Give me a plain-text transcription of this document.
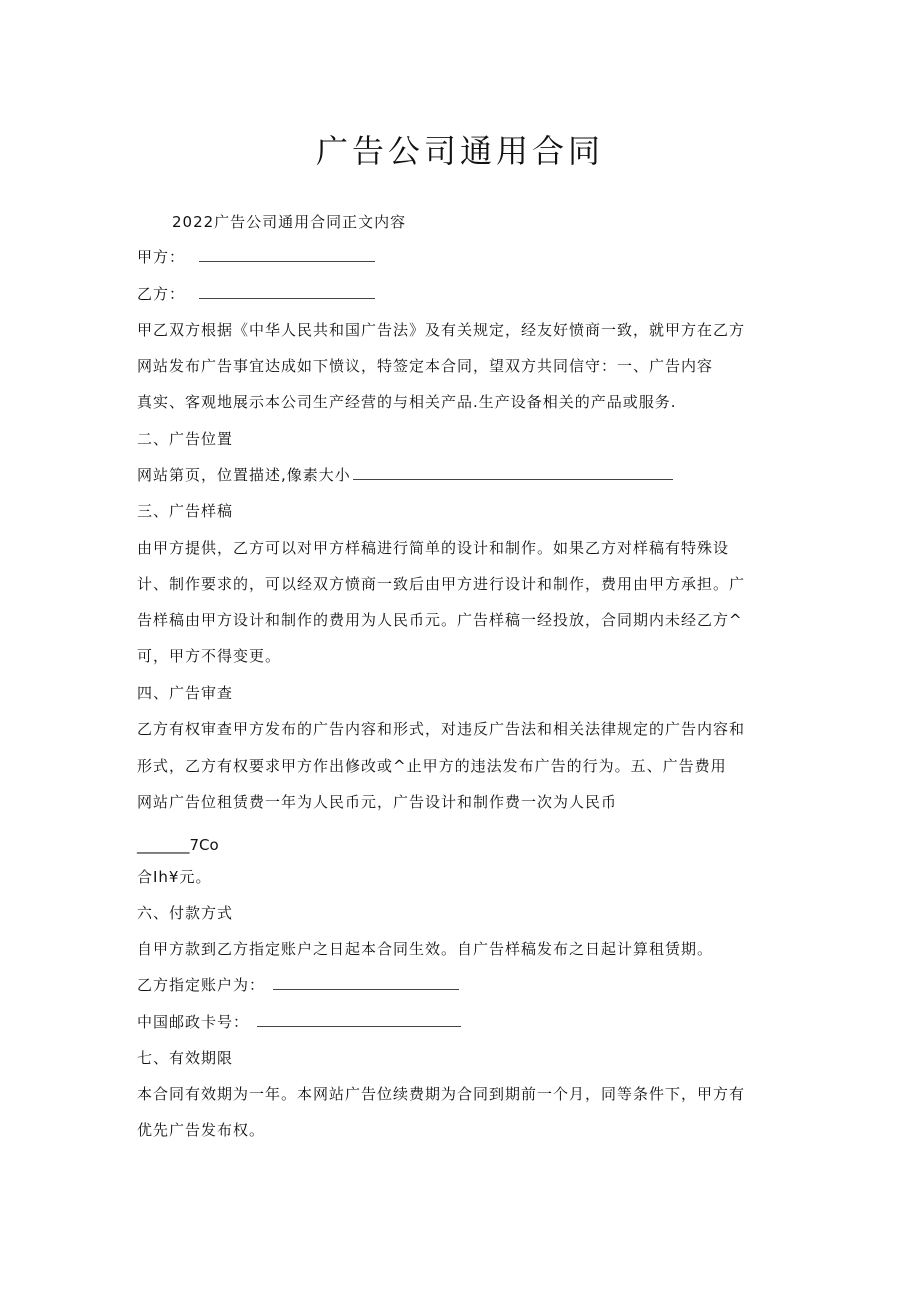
广告公司通用合同
2022广告公司通用合同正文内容
甲方：
乙方：
甲乙双方根据《中华人民共和国广告法》及有关规定，经友好愤商一致，就甲方在乙方
网站发布广告事宜达成如下愤议，特签定本合同，望双方共同信守：一、广告内容
真实、客观地展示本公司生产经营的与相关产品.生产设备相关的产品或服务.
二、广告位置
网站第页，位置描述,像素大小
三、广告样稿
由甲方提供，乙方可以对甲方样稿进行简单的设计和制作。如果乙方对样稿有特殊设
计、制作要求的，可以经双方愤商一致后由甲方进行设计和制作，费用由甲方承担。广
告样稿由甲方设计和制作的费用为人民币元。广告样稿一经投放，合同期内未经乙方^
可，甲方不得变更。
四、广告审查
乙方有权审查甲方发布的广告内容和形式，对违反广告法和相关法律规定的广告内容和
形式，乙方有权要求甲方作出修改或^止甲方的违法发布广告的行为。五、广告费用
网站广告位租赁费一年为人民币元，广告设计和制作费一次为人民币
_______7Co
合Ih¥元。
六、付款方式
自甲方款到乙方指定账户之日起本合同生效。自广告样稿发布之日起计算租赁期。
乙方指定账户为：
中国邮政卡号：
七、有效期限
本合同有效期为一年。本网站广告位续费期为合同到期前一个月，同等条件下，甲方有
优先广告发布权。
